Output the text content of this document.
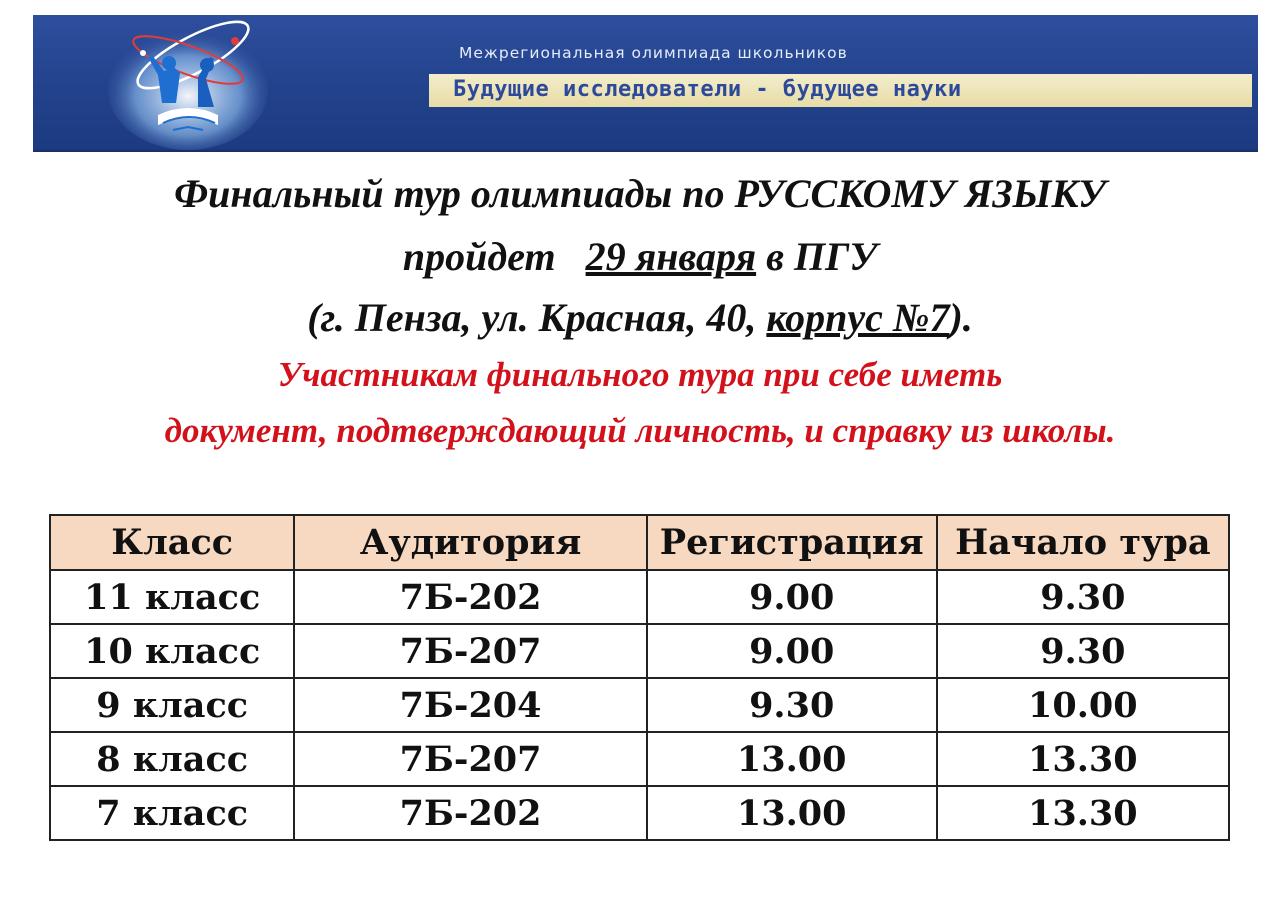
Межрегиональная олимпиада школьников
Будущие исследователи - будущее науки
Финальный тур олимпиады по РУССКОМУ ЯЗЫКУ
пройдет 29 января в ПГУ
(г. Пенза, ул. Красная, 40, корпус №7).
Участникам финального тура при себе иметь
документ, подтверждающий личность, и справку из школы.
Класс	Аудитория	Регистрация	Начало тура
11 класс	7Б-202	9.00	9.30
10 класс	7Б-207	9.00	9.30
9 класс	7Б-204	9.30	10.00
8 класс	7Б-207	13.00	13.30
7 класс	7Б-202	13.00	13.30
